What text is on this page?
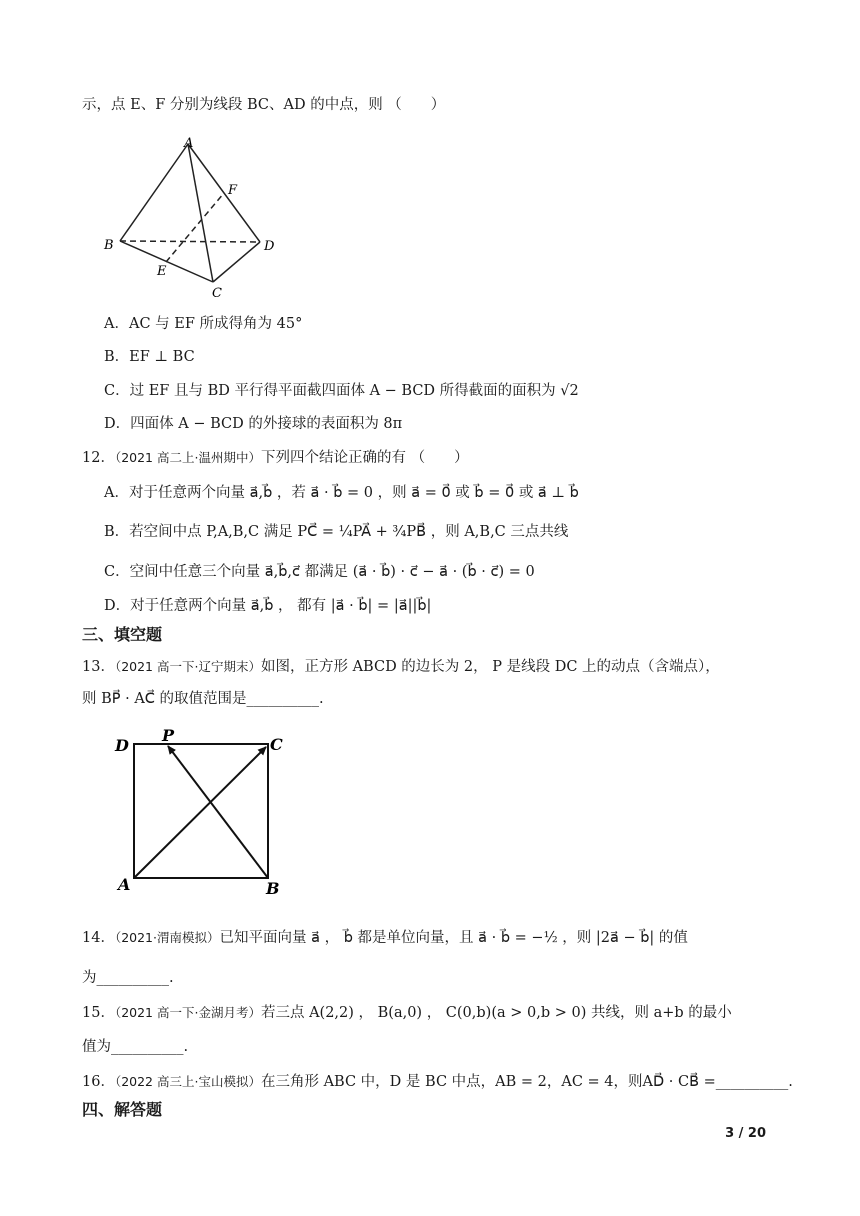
示，点 E、F 分别为线段 BC、AD 的中点，则 （　　）
A
B
C
D
E
F
A．AC 与 EF 所成得角为 45°
B．EF ⊥ BC
C．过 EF 且与 BD 平行得平面截四面体 A − BCD 所得截面的面积为 √2
D．四面体 A − BCD 的外接球的表面积为 8π
12．（2021 高二上·温州期中）下列四个结论正确的有 （　　）
A．对于任意两个向量 a⃗,b⃗ ，若 a⃗ · b⃗ = 0 ，则 a⃗ = 0⃗ 或 b⃗ = 0⃗ 或 a⃗ ⊥ b⃗
B．若空间中点 P,A,B,C 满足 PC⃗ = ¼PA⃗ + ¾PB⃗ ，则 A,B,C 三点共线
C．空间中任意三个向量 a⃗,b⃗,c⃗ 都满足 (a⃗ · b⃗) · c⃗ − a⃗ · (b⃗ · c⃗) = 0
D．对于任意两个向量 a⃗,b⃗ ， 都有 |a⃗ · b⃗| = |a⃗||b⃗|
三、填空题
13．（2021 高一下·辽宁期末）如图，正方形 ABCD 的边长为 2， P 是线段 DC 上的动点（含端点），
则 BP⃗ · AC⃗ 的取值范围是__________.
D
P	C
A	B
14．（2021·渭南模拟）已知平面向量 a⃗ ， b⃗ 都是单位向量，且 a⃗ · b⃗ = −½ ，则 |2a⃗ − b⃗| 的值
为__________.
15．（2021 高一下·金湖月考）若三点 A(2,2) ， B(a,0) ， C(0,b)(a > 0,b > 0) 共线，则 a+b 的最小
值为__________.
16．（2022 高三上·宝山模拟）在三角形 ABC 中，D 是 BC 中点，AB = 2，AC = 4，则AD⃗ · CB⃗ =__________.
四、解答题
3 / 20
